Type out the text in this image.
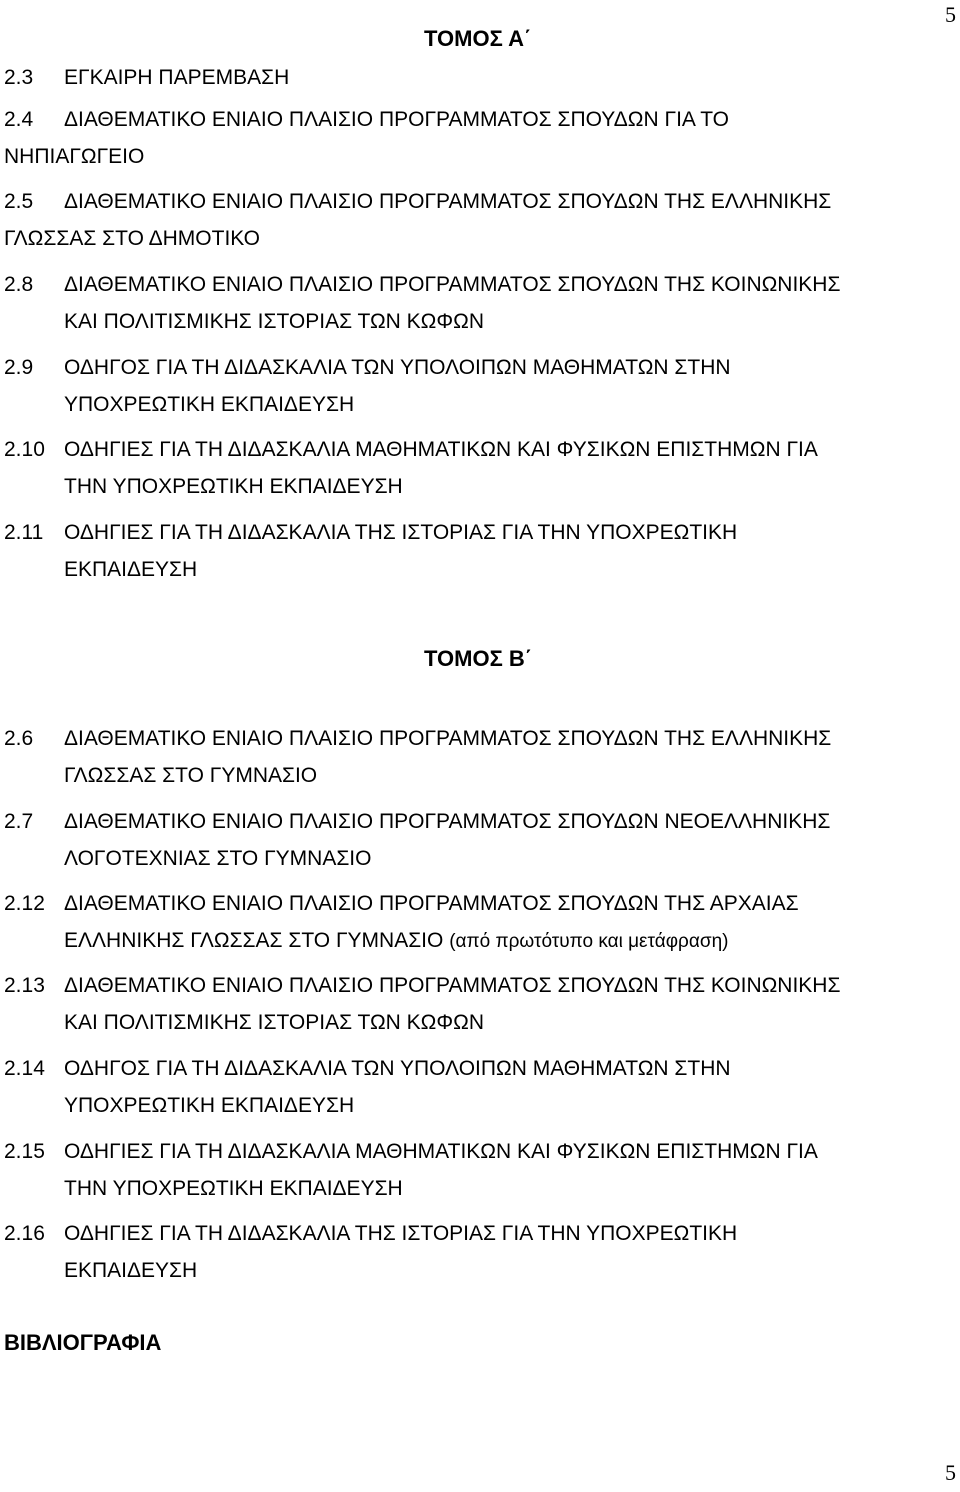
5
ΤΟΜΟΣ Α΄
2.3	ΕΓΚΑΙΡΗ ΠΑΡΕΜΒΑΣΗ
2.4	ΔΙΑΘΕΜΑΤΙΚΟ ΕΝΙΑΙΟ ΠΛΑΙΣΙΟ ΠΡΟΓΡΑΜΜΑΤΟΣ ΣΠΟΥΔΩΝ ΓΙΑ ΤΟ
ΝΗΠΙΑΓΩΓΕΙΟ
2.5	ΔΙΑΘΕΜΑΤΙΚΟ ΕΝΙΑΙΟ ΠΛΑΙΣΙΟ ΠΡΟΓΡΑΜΜΑΤΟΣ ΣΠΟΥΔΩΝ ΤΗΣ ΕΛΛΗΝΙΚΗΣ
ΓΛΩΣΣΑΣ ΣΤΟ ΔΗΜΟΤΙΚΟ
2.8	ΔΙΑΘΕΜΑΤΙΚΟ ΕΝΙΑΙΟ ΠΛΑΙΣΙΟ ΠΡΟΓΡΑΜΜΑΤΟΣ ΣΠΟΥΔΩΝ ΤΗΣ ΚΟΙΝΩΝΙΚΗΣ
ΚΑΙ ΠΟΛΙΤΙΣΜΙΚΗΣ ΙΣΤΟΡΙΑΣ ΤΩΝ ΚΩΦΩΝ
2.9	ΟΔΗΓΟΣ ΓΙΑ ΤΗ ΔΙΔΑΣΚΑΛΙΑ ΤΩΝ ΥΠΟΛΟΙΠΩΝ ΜΑΘΗΜΑΤΩΝ ΣΤΗΝ
ΥΠΟΧΡΕΩΤΙΚΗ ΕΚΠΑΙΔΕΥΣΗ
2.10 ΟΔΗΓΙΕΣ ΓΙΑ ΤΗ ΔΙΔΑΣΚΑΛΙΑ ΜΑΘΗΜΑΤΙΚΩΝ ΚΑΙ ΦΥΣΙΚΩΝ ΕΠΙΣΤΗΜΩΝ ΓΙΑ
ΤΗΝ ΥΠΟΧΡΕΩΤΙΚΗ ΕΚΠΑΙΔΕΥΣΗ
2.11 ΟΔΗΓΙΕΣ ΓΙΑ ΤΗ ΔΙΔΑΣΚΑΛΙΑ ΤΗΣ ΙΣΤΟΡΙΑΣ ΓΙΑ ΤΗΝ ΥΠΟΧΡΕΩΤΙΚΗ
ΕΚΠΑΙΔΕΥΣΗ
ΤΟΜΟΣ Β΄
2.6	ΔΙΑΘΕΜΑΤΙΚΟ ΕΝΙΑΙΟ ΠΛΑΙΣΙΟ ΠΡΟΓΡΑΜΜΑΤΟΣ ΣΠΟΥΔΩΝ ΤΗΣ ΕΛΛΗΝΙΚΗΣ
ΓΛΩΣΣΑΣ ΣΤΟ ΓΥΜΝΑΣΙΟ
2.7	ΔΙΑΘΕΜΑΤΙΚΟ ΕΝΙΑΙΟ ΠΛΑΙΣΙΟ ΠΡΟΓΡΑΜΜΑΤΟΣ ΣΠΟΥΔΩΝ ΝΕΟΕΛΛΗΝΙΚΗΣ
ΛΟΓΟΤΕΧΝΙΑΣ ΣΤΟ ΓΥΜΝΑΣΙΟ
2.12 ΔΙΑΘΕΜΑΤΙΚΟ ΕΝΙΑΙΟ ΠΛΑΙΣΙΟ ΠΡΟΓΡΑΜΜΑΤΟΣ ΣΠΟΥΔΩΝ ΤΗΣ ΑΡΧΑΙΑΣ
ΕΛΛΗΝΙΚΗΣ ΓΛΩΣΣΑΣ ΣΤΟ ΓΥΜΝΑΣΙΟ (από πρωτότυπο και μετάφραση)
2.13 ΔΙΑΘΕΜΑΤΙΚΟ ΕΝΙΑΙΟ ΠΛΑΙΣΙΟ ΠΡΟΓΡΑΜΜΑΤΟΣ ΣΠΟΥΔΩΝ ΤΗΣ ΚΟΙΝΩΝΙΚΗΣ
ΚΑΙ ΠΟΛΙΤΙΣΜΙΚΗΣ ΙΣΤΟΡΙΑΣ ΤΩΝ ΚΩΦΩΝ
2.14 ΟΔΗΓΟΣ ΓΙΑ ΤΗ ΔΙΔΑΣΚΑΛΙΑ ΤΩΝ ΥΠΟΛΟΙΠΩΝ ΜΑΘΗΜΑΤΩΝ ΣΤΗΝ
ΥΠΟΧΡΕΩΤΙΚΗ ΕΚΠΑΙΔΕΥΣΗ
2.15 ΟΔΗΓΙΕΣ ΓΙΑ ΤΗ ΔΙΔΑΣΚΑΛΙΑ ΜΑΘΗΜΑΤΙΚΩΝ ΚΑΙ ΦΥΣΙΚΩΝ ΕΠΙΣΤΗΜΩΝ ΓΙΑ
ΤΗΝ ΥΠΟΧΡΕΩΤΙΚΗ ΕΚΠΑΙΔΕΥΣΗ
2.16 ΟΔΗΓΙΕΣ ΓΙΑ ΤΗ ΔΙΔΑΣΚΑΛΙΑ ΤΗΣ ΙΣΤΟΡΙΑΣ ΓΙΑ ΤΗΝ ΥΠΟΧΡΕΩΤΙΚΗ
ΕΚΠΑΙΔΕΥΣΗ
ΒΙΒΛΙΟΓΡΑΦΙΑ
5
